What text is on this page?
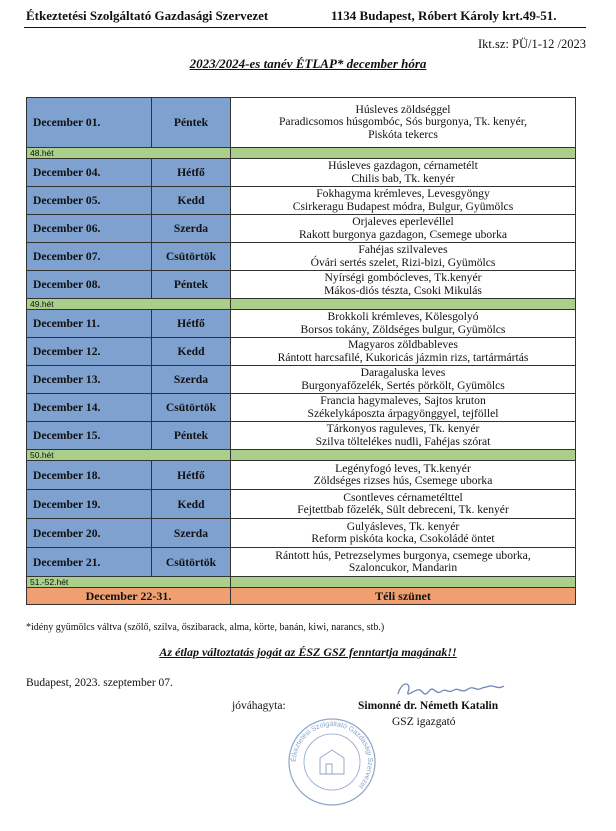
Étkeztetési Szolgáltató Gazdasági Szervezet	1134 Budapest, Róbert Károly krt.49-51.
Ikt.sz: PÜ/1-12 /2023
2023/2024-es tanév ÉTLAP* december hóra
December 01.	Péntek	Húsleves zöldséggel
Paradicsomos húsgombóc, Sós burgonya, Tk. kenyér,
Piskóta tekercs

48.hét		
December 04.	Hétfő	Húsleves gazdagon, cérnametélt
Chilis bab, Tk. kenyér

December 05.	Kedd	Fokhagyma krémleves, Levesgyöngy
Csirkeragu Budapest módra, Bulgur, Gyümölcs

December 06.	Szerda	Orjaleves eperlevéllel
Rakott burgonya gazdagon, Csemege uborka

December 07.	Csütörtök	Fahéjas szilvaleves
Óvári sertés szelet, Rizi-bizi, Gyümölcs

December 08.	Péntek	Nyírségi gombócleves, Tk.kenyér
Mákos-diós tészta, Csoki Mikulás

49.hét		
December 11.	Hétfő	Brokkoli krémleves, Kölesgolyó
Borsos tokány, Zöldséges bulgur, Gyümölcs

December 12.	Kedd	Magyaros zöldbableves
Rántott harcsafilé, Kukoricás jázmin rizs, tartármártás

December 13.	Szerda	Daragaluska leves
Burgonyafőzelék, Sertés pörkölt, Gyümölcs

December 14.	Csütörtök	Francia hagymaleves, Sajtos kruton
Székelykáposzta árpagyönggyel, tejföllel

December 15.	Péntek	Tárkonyos raguleves, Tk. kenyér
Szilva töltelékes nudli, Fahéjas szórat

50.hét		
December 18.	Hétfő	Legényfogó leves, Tk.kenyér
Zöldséges rizses hús, Csemege uborka

December 19.	Kedd	Csontleves cérnametélttel
Fejtettbab főzelék, Sült debreceni, Tk. kenyér

December 20.	Szerda	Gulyásleves, Tk. kenyér
Reform piskóta kocka, Csokoládé öntet

December 21.	Csütörtök	Rántott hús, Petrezselymes burgonya, csemege uborka,
Szaloncukor, Mandarin

51.-52.hét		
December 22-31.		Téli szünet
*idény gyümölcs váltva (szőlő, szilva, őszibarack, alma, körte, banán, kiwi, narancs, stb.)
Az étlap változtatás jogát az ÉSZ GSZ fenntartja magának!!
Budapest, 2023. szeptember 07.
jóváhagyta:	Simonné dr. Németh Katalin
GSZ igazgató
Étkeztetési Szolgáltató Gazdasági Szervezet
